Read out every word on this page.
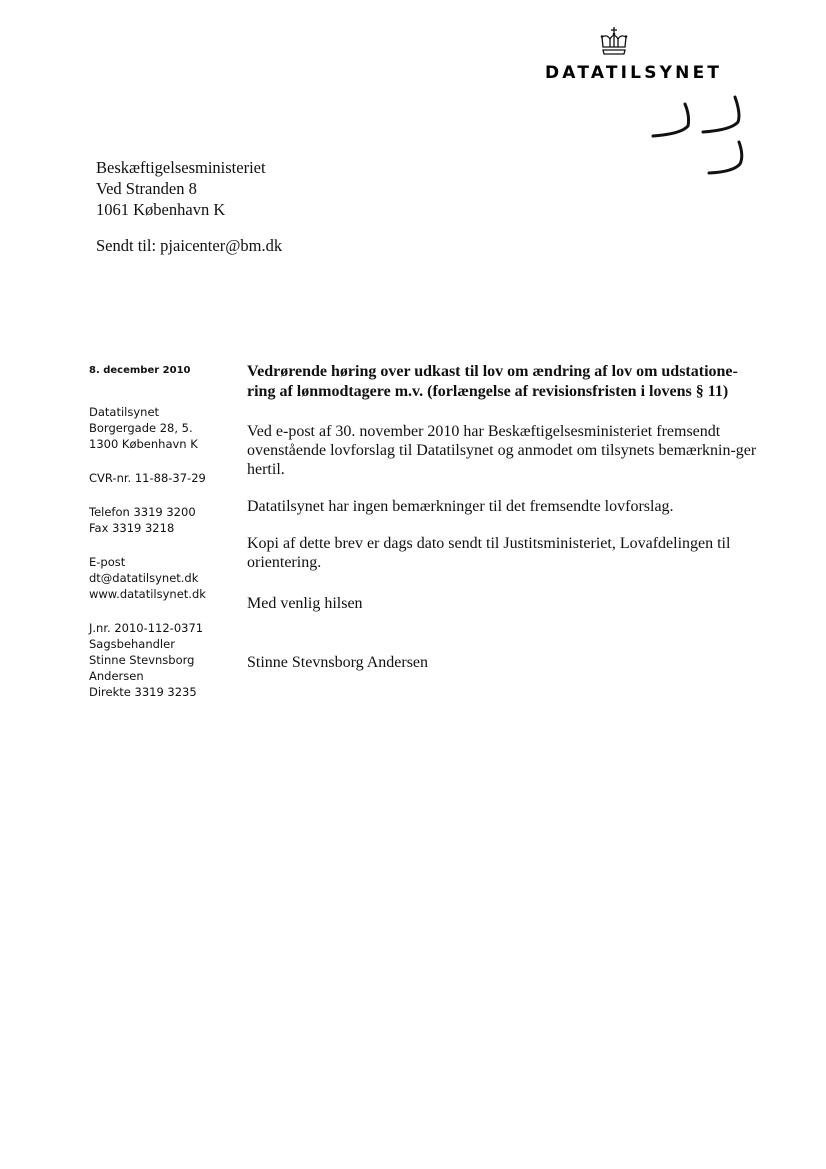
DATATILSYNET
Beskæftigelsesministeriet
Ved Stranden 8
1061 København K
Sendt til: pjaicenter@bm.dk
8. december 2010
Datatilsynet
Borgergade 28, 5.
1300 København K
CVR-nr. 11-88-37-29
Telefon 3319 3200
Fax 3319 3218
E-post
dt@datatilsynet.dk
www.datatilsynet.dk
J.nr. 2010-112-0371
Sagsbehandler
Stinne Stevnsborg
Andersen
Direkte 3319 3235
Vedrørende høring over udkast til lov om ændring af lov om udstatione-
ring af lønmodtagere m.v. (forlængelse af revisionsfristen i lovens § 11)
Ved e-post af 30. november 2010 har Beskæftigelsesministeriet fremsendt ovenstående lovforslag til Datatilsynet og anmodet om tilsynets bemærknin-ger hertil.
Datatilsynet har ingen bemærkninger til det fremsendte lovforslag.
Kopi af dette brev er dags dato sendt til Justitsministeriet, Lovafdelingen til orientering.
Med venlig hilsen
Stinne Stevnsborg Andersen
